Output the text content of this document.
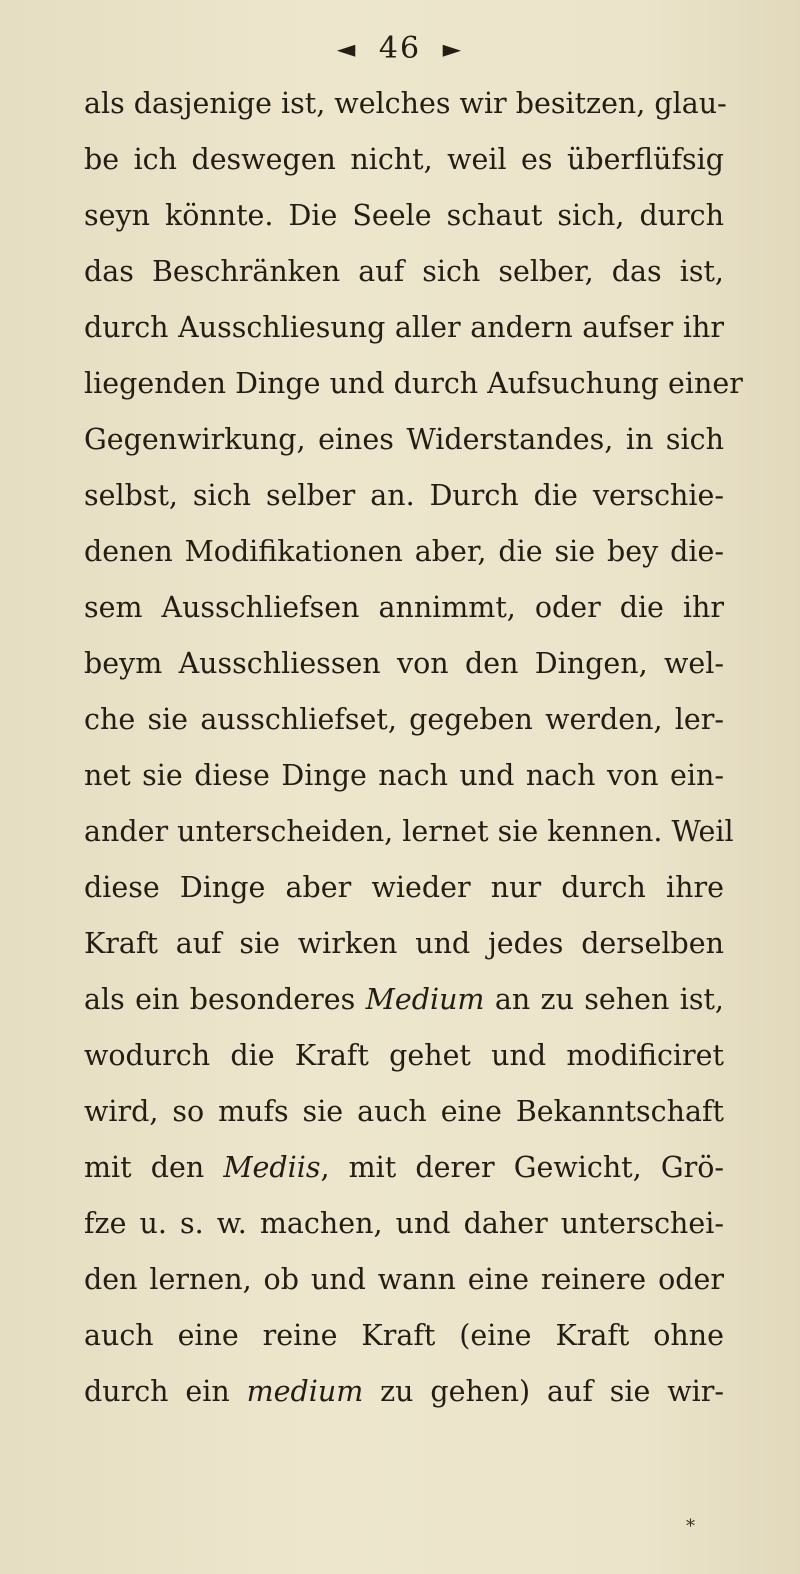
◄ 46 ►
als dasjenige ist, welches wir besitzen, glau-
be ich deswegen nicht, weil es überflüfsig
seyn könnte. Die Seele schaut sich, durch
das Beschränken auf sich selber, das ist,
durch Ausschliesung aller andern aufser ihr
liegenden Dinge und durch Aufsuchung einer
Gegenwirkung, eines Widerstandes, in sich
selbst, sich selber an. Durch die verschie-
denen Modifikationen aber, die sie bey die-
sem Ausschliefsen annimmt, oder die ihr
beym Ausschliessen von den Dingen, wel-
che sie ausschliefset, gegeben werden, ler-
net sie diese Dinge nach und nach von ein-
ander unterscheiden, lernet sie kennen. Weil
diese Dinge aber wieder nur durch ihre
Kraft auf sie wirken und jedes derselben
als ein besonderes Medium an zu sehen ist,
wodurch die Kraft gehet und modificiret
wird, so mufs sie auch eine Bekanntschaft
mit den Mediis, mit derer Gewicht, Grö-
fze u. s. w. machen, und daher unterschei-
den lernen, ob und wann eine reinere oder
auch eine reine Kraft (eine Kraft ohne
durch ein medium zu gehen) auf sie wir-
*
